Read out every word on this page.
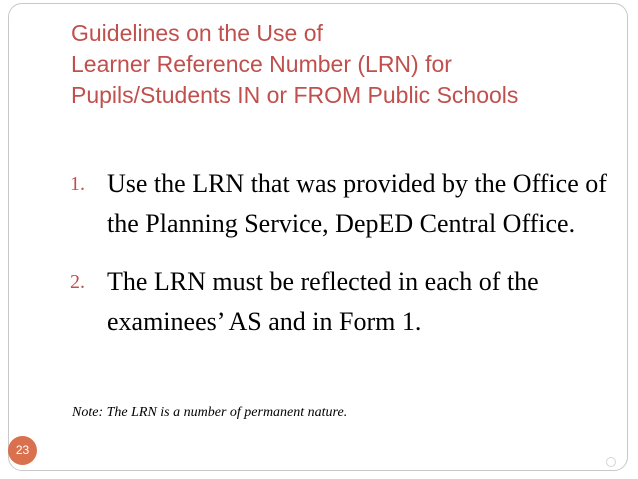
Guidelines on the Use of
Learner Reference Number (LRN) for
Pupils/Students IN or FROM Public Schools
1. Use the LRN that was provided by the Office of the Planning Service, DepED Central Office.
2. The LRN must be reflected in each of the examinees’ AS and in Form 1.
Note: The LRN is a number of permanent nature.
23
